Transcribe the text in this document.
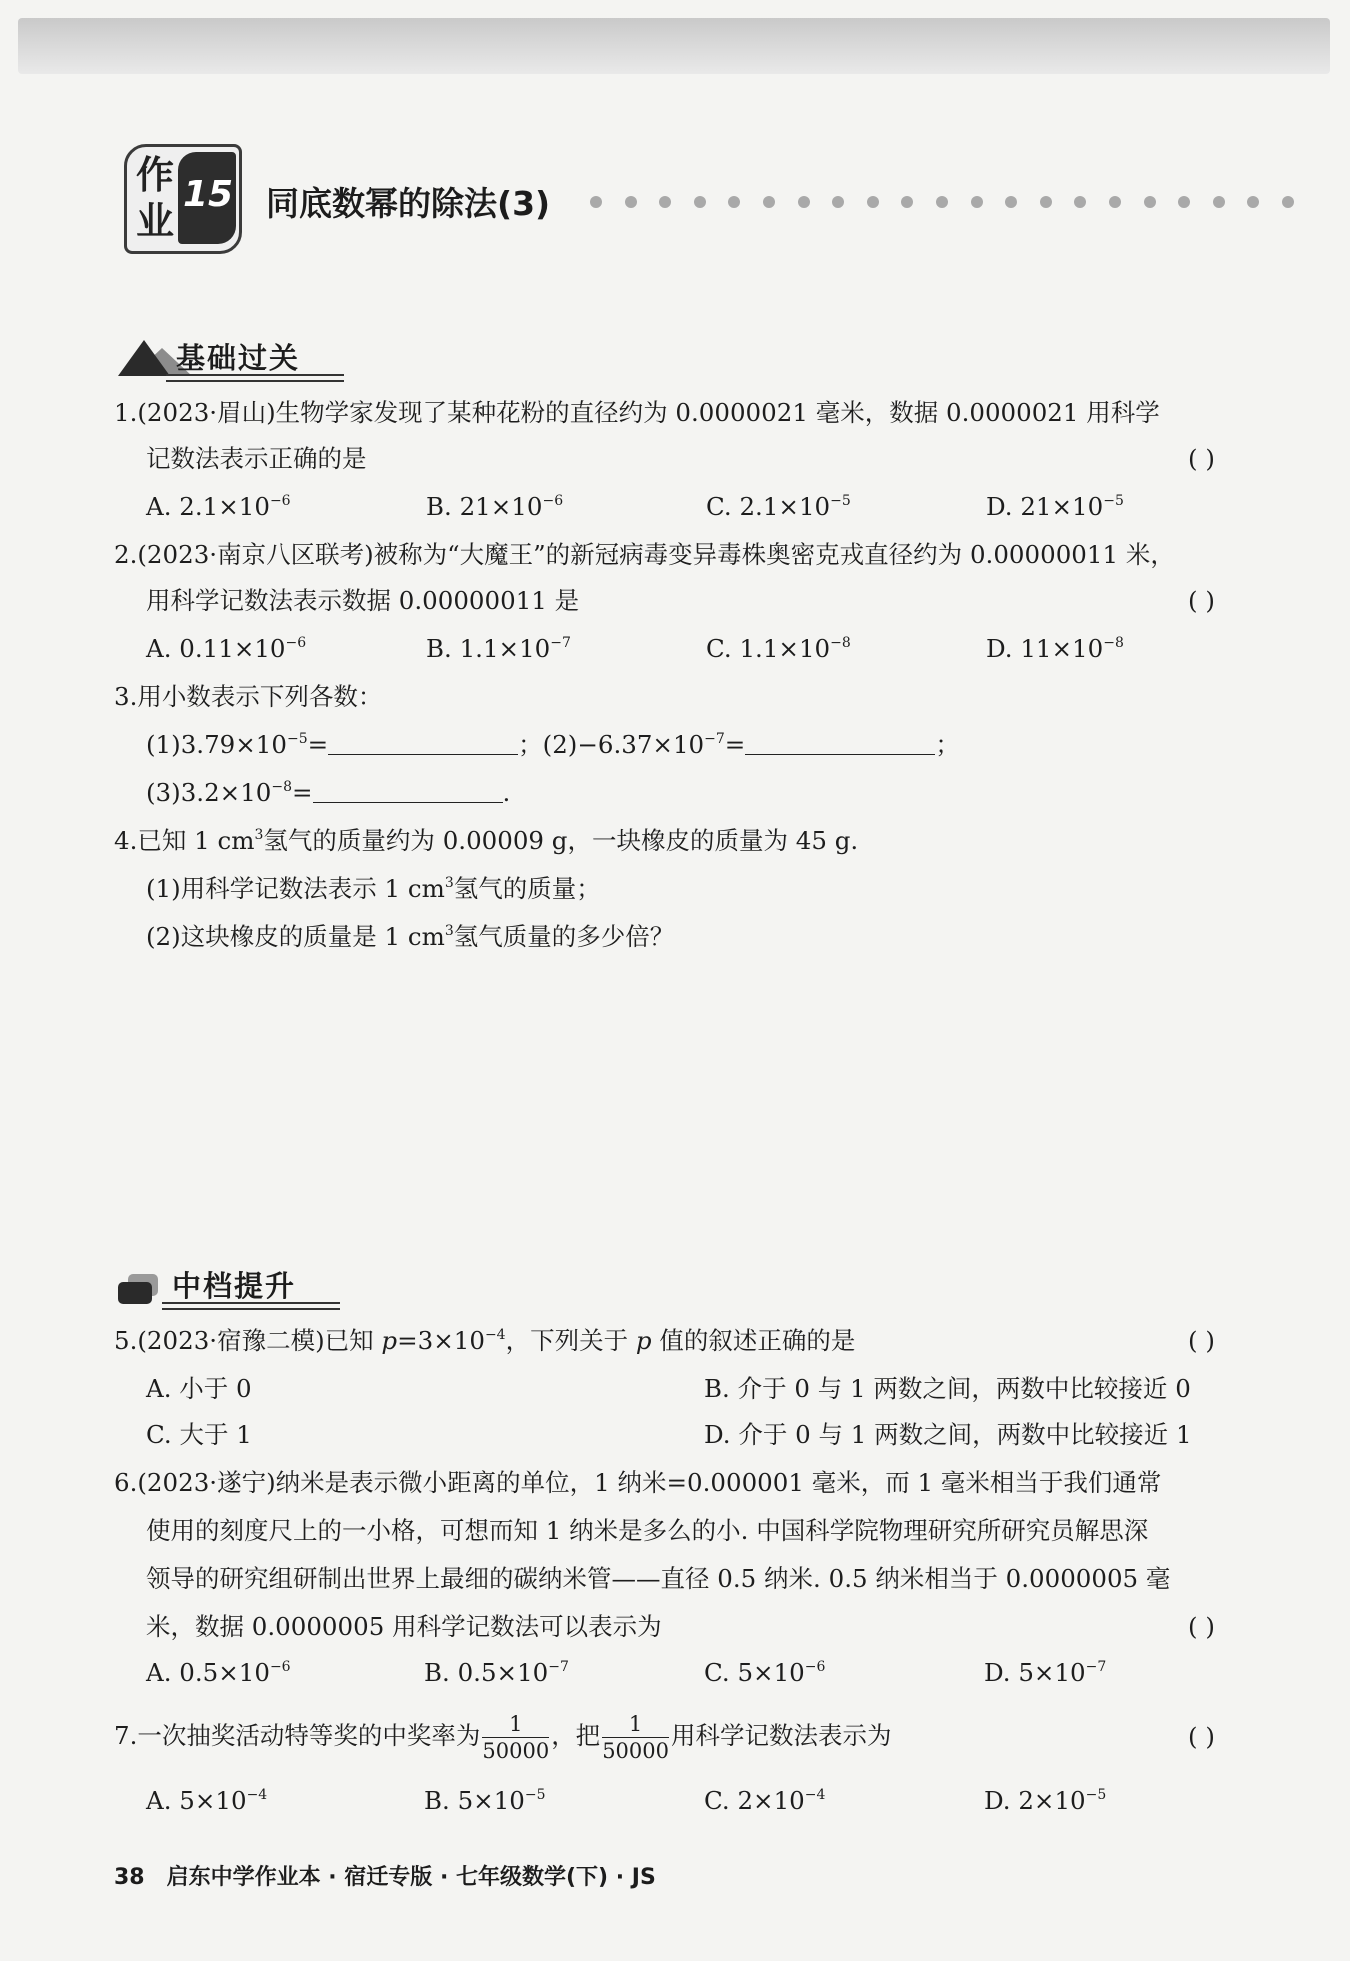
作业
15 同底数幂的除法(3)
基础过关
1.(2023·眉山)生物学家发现了某种花粉的直径约为 0.0000021 毫米，数据 0.0000021 用科学
记数法表示正确的是	( )
A. $2.1\times 10^{-6}$	B. $21\times 10^{-6}$	C. $2.1\times 10^{-5}$	D. $21\times 10^{-5}$
2.(2023·南京八区联考)被称为“大魔王”的新冠病毒变异毒株奥密克戎直径约为 0.00000011 米，
用科学记数法表示数据 0.00000011 是	( )
A. $0.11\times 10^{-6}$	B. $1.1\times 10^{-7}$	C. $1.1\times 10^{-8}$	D. $11\times 10^{-8}$
3.用小数表示下列各数：
$(1)3.79\times 10^{-5}=$	；$(2)-6.37\times 10^{-7}=$	；
$(3)3.2\times 10^{-8}=$	.
4.已知 1 $cm^3$氢气的质量约为 0.00009 g，一块橡皮的质量为 45 g.
(1)用科学记数法表示 1 $cm^3$氢气的质量；
(2)这块橡皮的质量是 1 $cm^3$氢气质量的多少倍？
中档提升
5.(2023·宿豫二模)已知 $p=3\times 10^{-4}$，下列关于 p 值的叙述正确的是	( )
A. 小于 0	B. 介于 0 与 1 两数之间，两数中比较接近 0
C. 大于 1	D. 介于 0 与 1 两数之间，两数中比较接近 1
6.(2023·遂宁)纳米是表示微小距离的单位，1 纳米=0.000001 毫米，而 1 毫米相当于我们通常
使用的刻度尺上的一小格，可想而知 1 纳米是多么的小. 中国科学院物理研究所研究员解思深
领导的研究组研制出世界上最细的碳纳米管——直径 0.5 纳米. 0.5 纳米相当于 0.0000005 毫
米，数据 0.0000005 用科学记数法可以表示为	( )
A. $0.5\times 10^{-6}$	B. $0.5\times 10^{-7}$	C. $5\times 10^{-6}$	D. $5\times 10^{-7}$
7.一次抽奖活动特等奖的中奖率为 $\frac{1}{50000}$ ，把 $\frac{1}{50000}$ 用科学记数法表示为	( )
A. $5\times 10^{-4}$	B. $5\times 10^{-5}$	C. $2\times 10^{-4}$	D. $2\times 10^{-5}$
38 启东中学作业本 · 宿迁专版 · 七年级数学(下) · JS
